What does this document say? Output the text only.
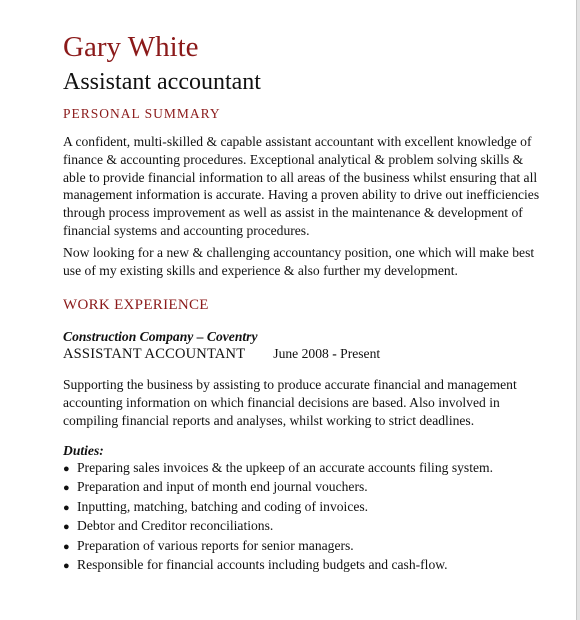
Gary White
Assistant accountant
PERSONAL SUMMARY

A confident, multi-skilled & capable assistant accountant with excellent knowledge of finance & accounting procedures. Exceptional analytical & problem solving skills & able to provide financial information to all areas of the business whilst ensuring that all management information is accurate. Having a proven ability to drive out inefficiencies through process improvement as well as assist in the maintenance & development of financial systems and accounting procedures.

Now looking for a new & challenging accountancy position, one which will make best use of my existing skills and experience & also further my development.

WORK EXPERIENCE

Construction Company – Coventry

ASSISTANT ACCOUNTANT June 2008 - Present

Supporting the business by assisting to produce accurate financial and management accounting information on which financial decisions are based. Also involved in compiling financial reports and analyses, whilst working to strict deadlines.

Duties:

● Preparing sales invoices & the upkeep of an accurate accounts filing system.
● Preparation and input of month end journal vouchers.
● Inputting, matching, batching and coding of invoices.
● Debtor and Creditor reconciliations.
● Preparation of various reports for senior managers.
● Responsible for financial accounts including budgets and cash-flow.
